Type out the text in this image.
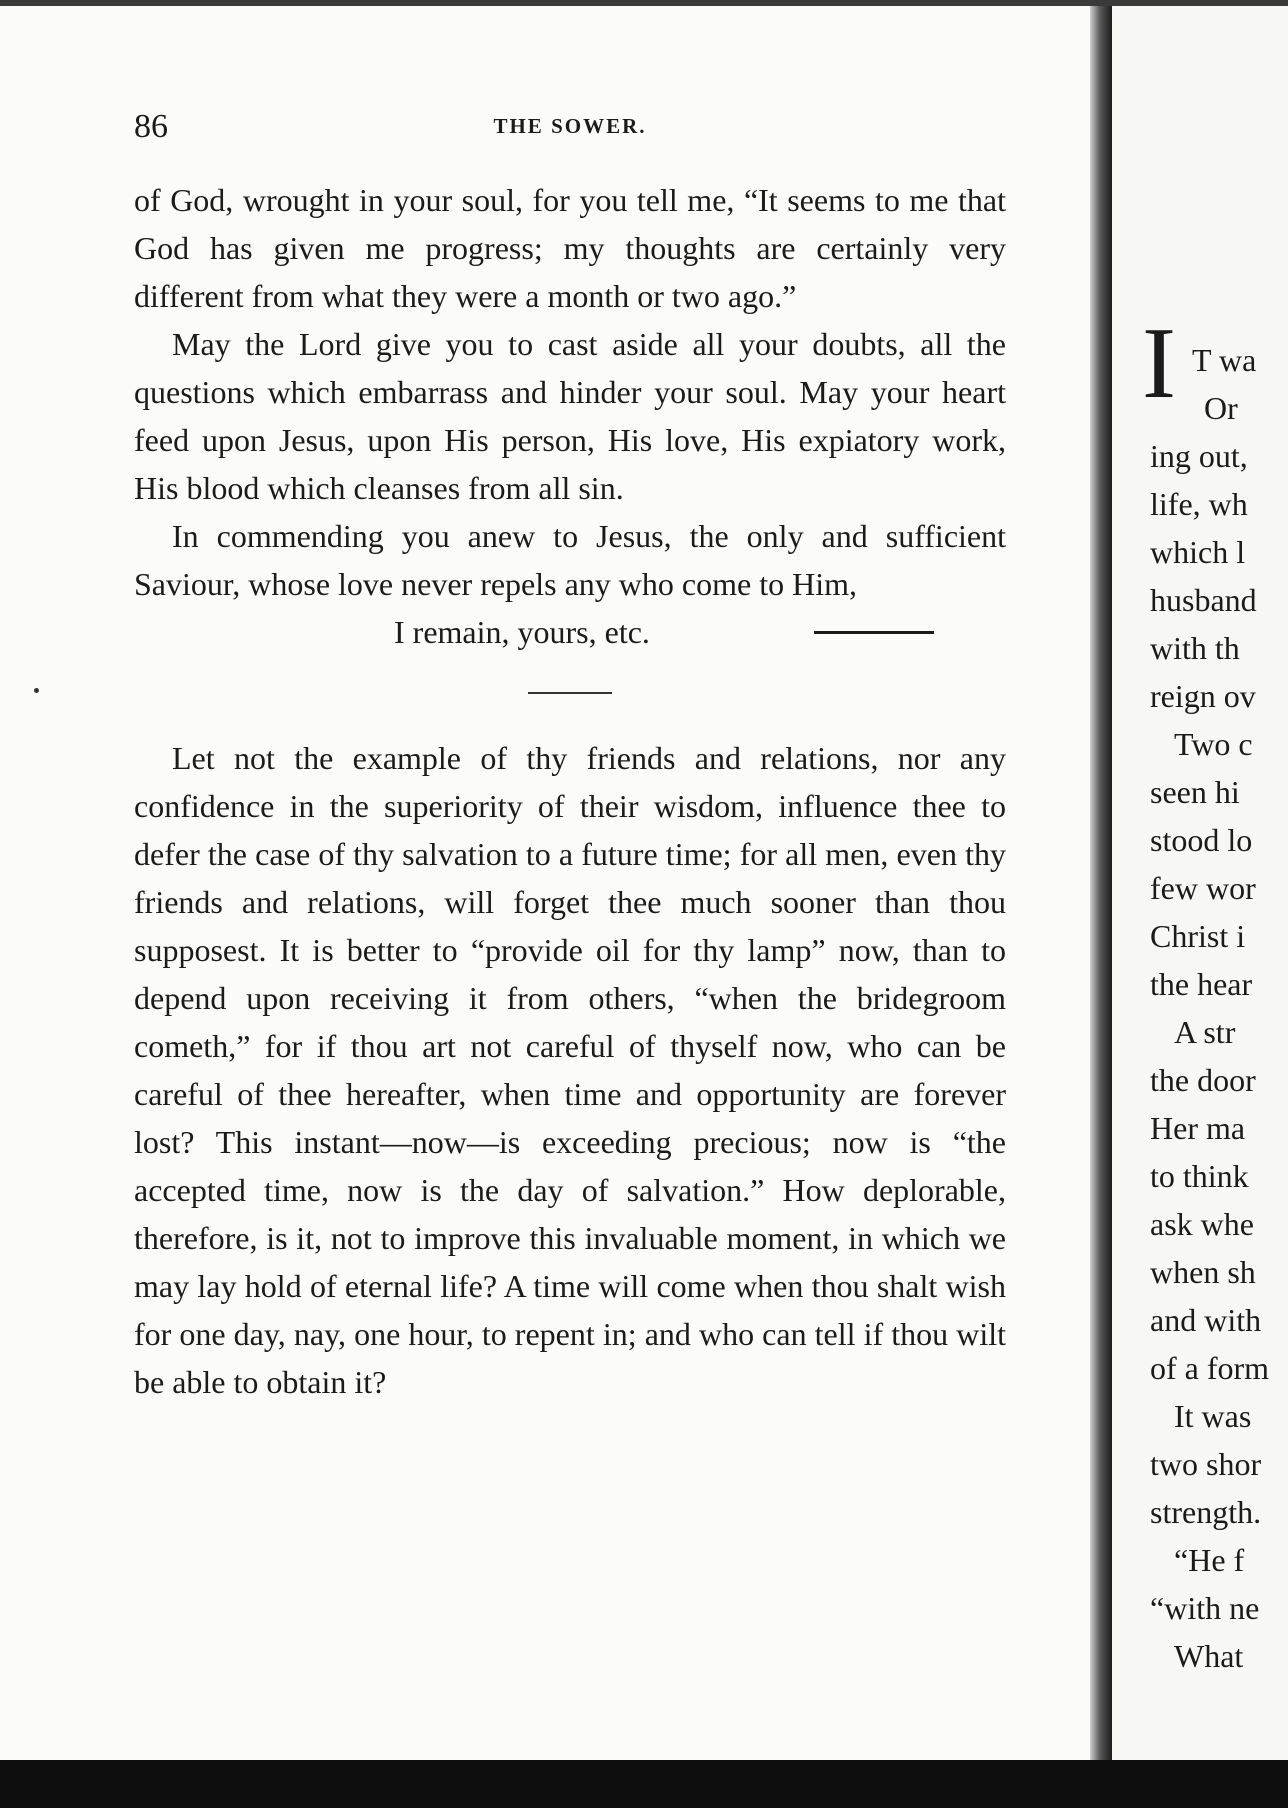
86	THE SOWER.

of God, wrought in your soul, for you tell me, “It seems to me that God has given me progress; my thoughts are certainly very different from what they were a month or two ago.”

May the Lord give you to cast aside all your doubts, all the questions which embarrass and hinder your soul. May your heart feed upon Jesus, upon His person, His love, His expiatory work, His blood which cleanses from all sin.

In commending you anew to Jesus, the only and sufficient Saviour, whose love never repels any who come to Him,

I remain, yours, etc.

Let not the example of thy friends and relations, nor any confidence in the superiority of their wisdom, influence thee to defer the case of thy salvation to a future time; for all men, even thy friends and relations, will forget thee much sooner than thou supposest. It is better to “provide oil for thy lamp” now, than to depend upon receiving it from others, “when the bridegroom cometh,” for if thou art not careful of thyself now, who can be careful of thee hereafter, when time and opportunity are forever lost? This instant—now—is exceeding precious; now is “the accepted time, now is the day of salvation.” How deplorable, therefore, is it, not to improve this invaluable moment, in which we may lay hold of eternal life? A time will come when thou shalt wish for one day, nay, one hour, to repent in; and who can tell if thou wilt be able to obtain it?

I T wa
Or
ing out,
life, wh
which l
husband
with th
reign ov
Two c
seen hi
stood lo
few wor
Christ i
the hear
A str
the door
Her ma
to think
ask whe
when sh
and with
of a form
It was
two shor
strength.
“He f
“with ne
What
